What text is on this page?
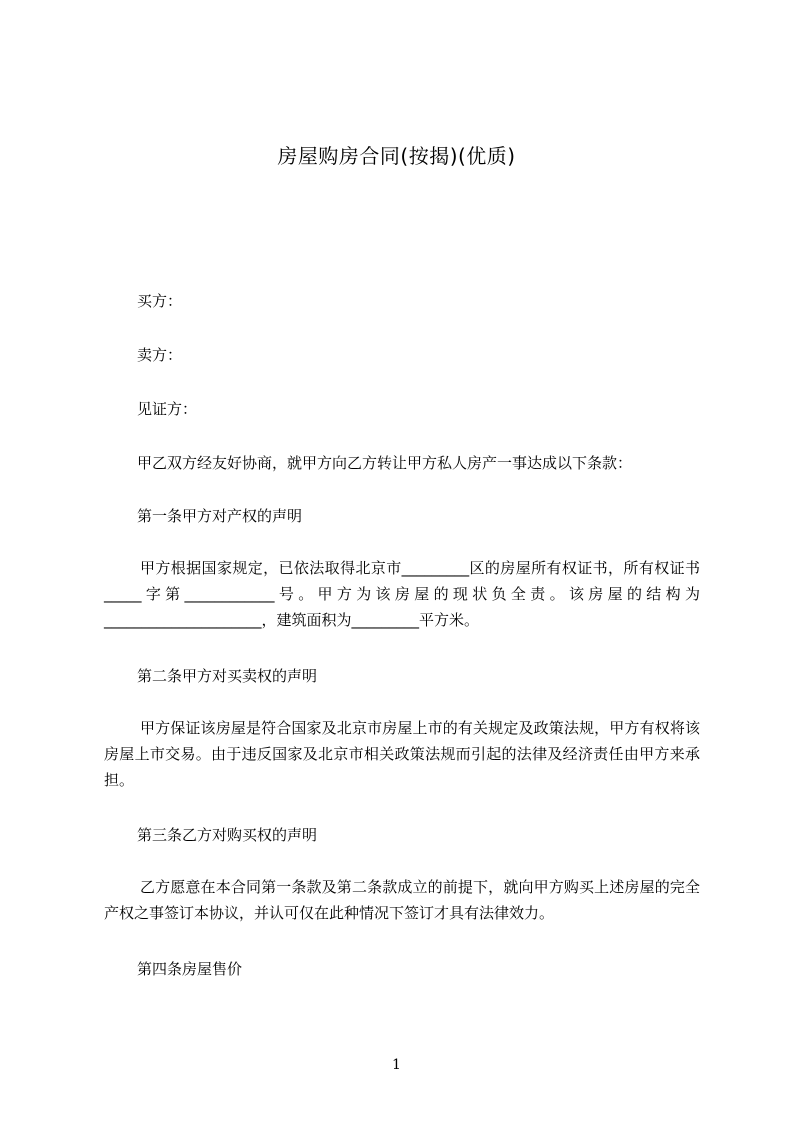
房屋购房合同(按揭)(优质)
买方：
卖方：
见证方：
甲乙双方经友好协商，就甲方向乙方转让甲方私人房产一事达成以下条款：
第一条甲方对产权的声明
甲方根据国家规定，已依法取得北京市_________区的房屋所有权证书，所有权证书_____字第____________号。甲方为该房屋的现状负全责。该房屋的结构为_____________________，建筑面积为_________平方米。
第二条甲方对买卖权的声明
甲方保证该房屋是符合国家及北京市房屋上市的有关规定及政策法规，甲方有权将该房屋上市交易。由于违反国家及北京市相关政策法规而引起的法律及经济责任由甲方来承担。
第三条乙方对购买权的声明
乙方愿意在本合同第一条款及第二条款成立的前提下，就向甲方购买上述房屋的完全产权之事签订本协议，并认可仅在此种情况下签订才具有法律效力。
第四条房屋售价
1
